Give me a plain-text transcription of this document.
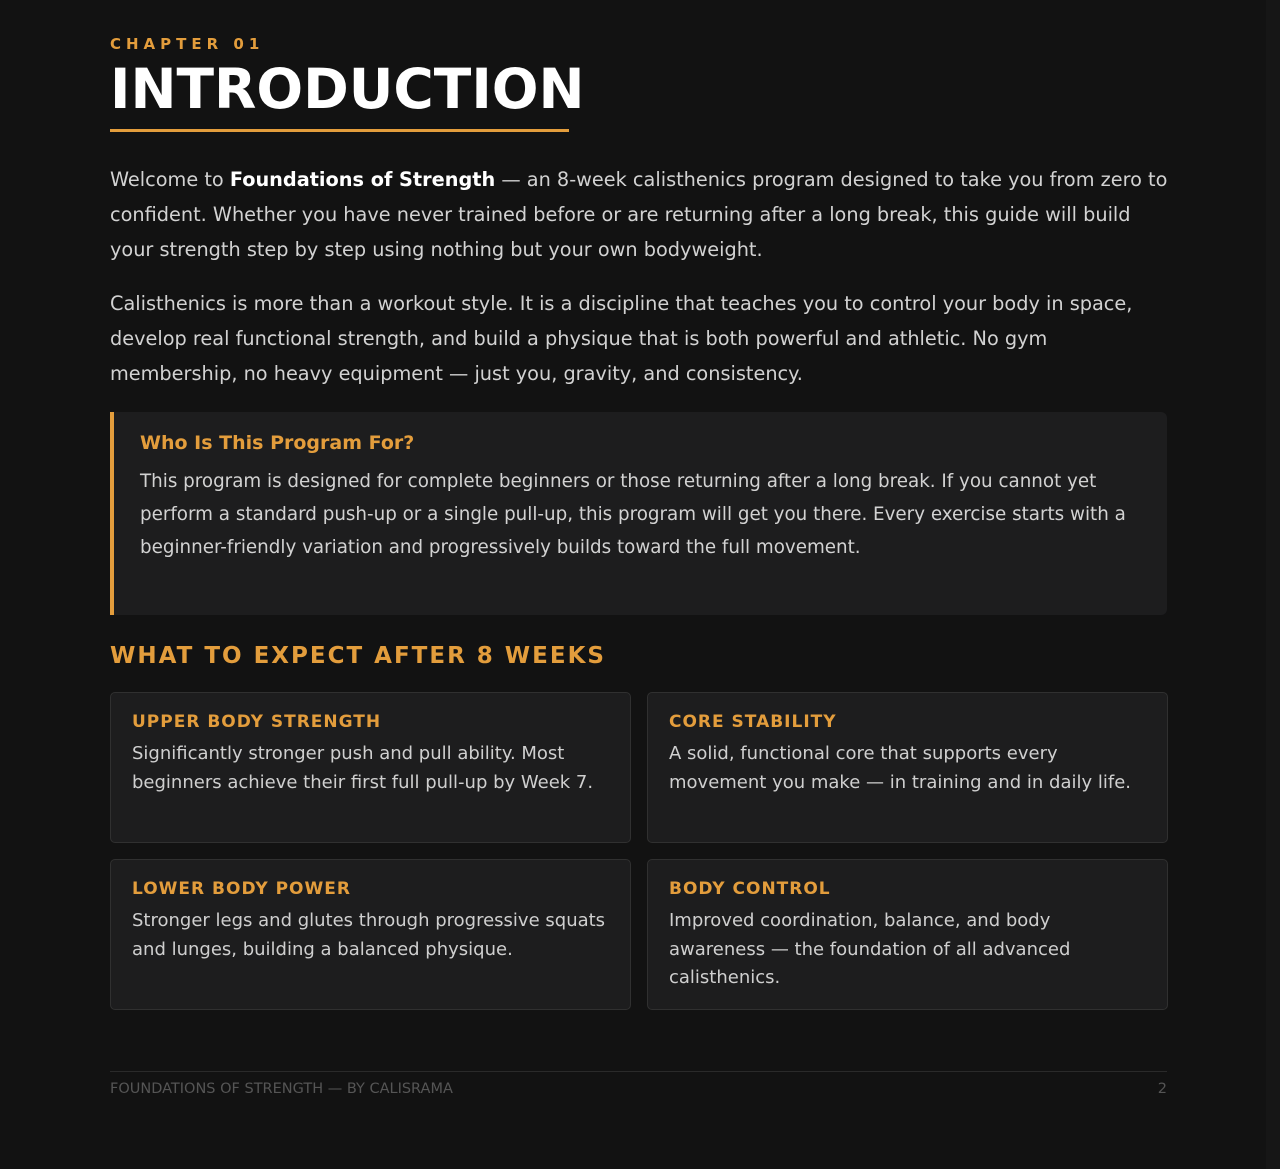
CHAPTER 01
INTRODUCTION

Welcome to Foundations of Strength — an 8-week calisthenics program designed to take you from zero to confident. Whether you have never trained before or are returning after a long break, this guide will build your strength step by step using nothing but your own bodyweight.

Calisthenics is more than a workout style. It is a discipline that teaches you to control your body in space, develop real functional strength, and build a physique that is both powerful and athletic. No gym membership, no heavy equipment — just you, gravity, and consistency.

Who Is This Program For?

This program is designed for complete beginners or those returning after a long break. If you cannot yet perform a standard push-up or a single pull-up, this program will get you there. Every exercise starts with a beginner-friendly variation and progressively builds toward the full movement.

WHAT TO EXPECT AFTER 8 WEEKS
UPPER BODY STRENGTH

Significantly stronger push and pull ability. Most beginners achieve their first full pull-up by Week 7.

CORE STABILITY

A solid, functional core that supports every movement you make — in training and in daily life.

LOWER BODY POWER

Stronger legs and glutes through progressive squats and lunges, building a balanced physique.

BODY CONTROL

Improved coordination, balance, and body awareness — the foundation of all advanced calisthenics.

FOUNDATIONS OF STRENGTH — BY CALISRAMA	2
